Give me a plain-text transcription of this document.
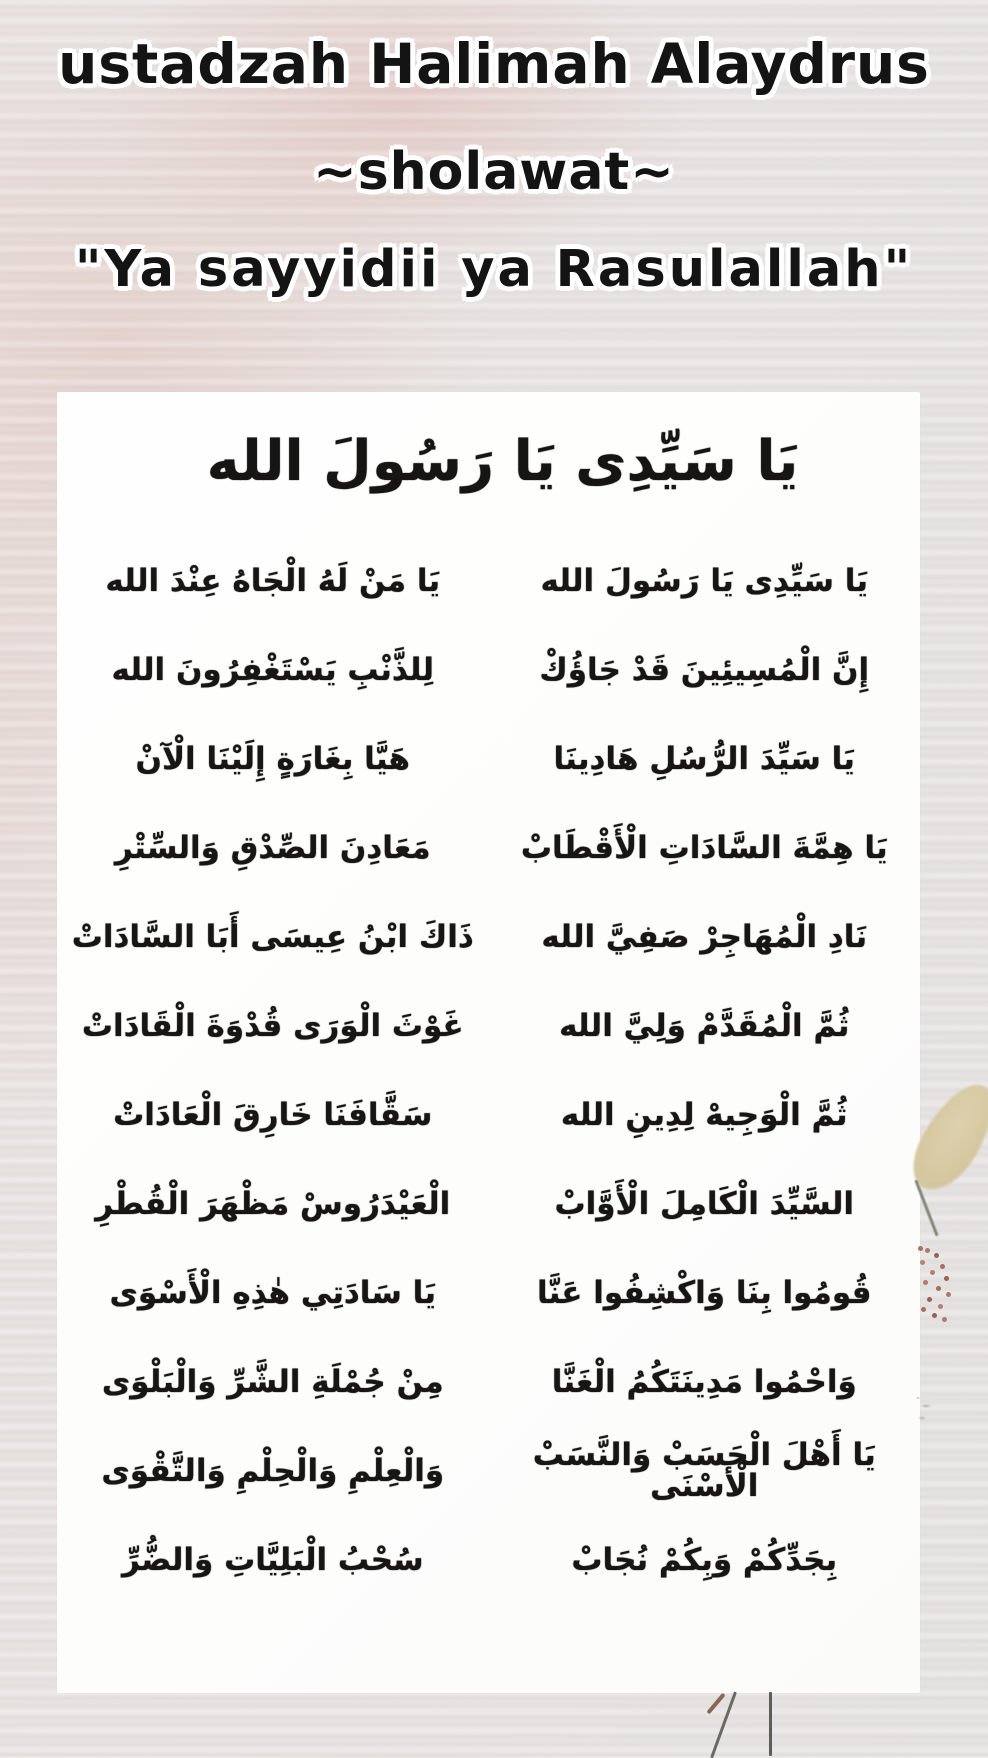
ustadzah Halimah Alaydrus
~sholawat~
"Ya sayyidii ya Rasulallah"
يَا سَيِّدِى يَا رَسُولَ الله
يَا سَيِّدِى يَا رَسُولَ الله
يَا مَنْ لَهُ الْجَاهُ عِنْدَ الله
إِنَّ الْمُسِيئِينَ قَدْ جَاؤُكْ
لِلذَّنْبِ يَسْتَغْفِرُونَ الله
يَا سَيِّدَ الرُّسُلِ هَادِينَا
هَيَّا بِغَارَةٍ إِلَيْنَا الْآنْ
يَا هِمَّةَ السَّادَاتِ الْأَقْطَابْ
مَعَادِنَ الصِّدْقِ وَالسِّتْرِ
نَادِ الْمُهَاجِرْ صَفِيَّ الله
ذَاكَ ابْنُ عِيسَى أَبَا السَّادَاتْ
ثُمَّ الْمُقَدَّمْ وَلِيَّ الله
غَوْثَ الْوَرَى قُدْوَةَ الْقَادَاتْ
ثُمَّ الْوَجِيهْ لِدِينِ الله
سَقَّافَنَا خَارِقَ الْعَادَاتْ
السَّيِّدَ الْكَامِلَ الْأَوَّابْ
الْعَيْدَرُوسْ مَظْهَرَ الْقُطْرِ
قُومُوا بِنَا وَاكْشِفُوا عَنَّا
يَا سَادَتِي هٰذِهِ الْأَسْوَى
وَاحْمُوا مَدِينَتَكُمُ الْغَنَّا
مِنْ جُمْلَةِ الشَّرِّ وَالْبَلْوَى
يَا أَهْلَ الْحَسَبْ وَالنَّسَبْ الْأَسْنَى
وَالْعِلْمِ وَالْحِلْمِ وَالتَّقْوَى
بِجَدِّكُمْ وَبِكُمْ نُجَابْ
سُحْبُ الْبَلِيَّاتِ وَالضُّرِّ
